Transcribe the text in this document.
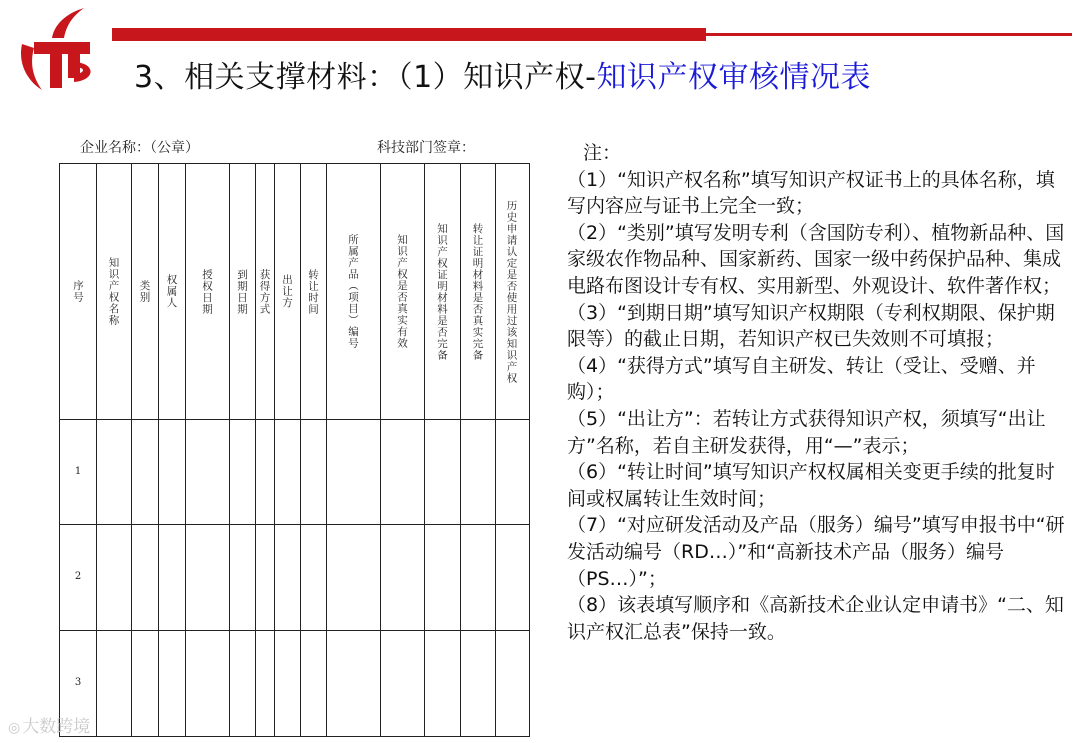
3、相关支撑材料：（1）知识产权-知识产权审核情况表
企业名称：（公章）	科技部门签章：
序号 知识产权名称 类别 权属人 授权日期 到期日期 获得方式 出让方 转让时间	所属产品（项目）编号	知识产权是否真实有效	知识产权证明材料是否完备 转让证明材料是否真实完备 历史申请认定是否使用过该知识产权
1
2
3

注：

（1）“知识产权名称”填写知识产权证书上的具体名称，填写内容应与证书上完全一致；

（2）“类别”填写发明专利（含国防专利）、植物新品种、国家级农作物品种、国家新药、国家一级中药保护品种、集成电路布图设计专有权、实用新型、外观设计、软件著作权；

（3）“到期日期”填写知识产权期限（专利权期限、保护期限等）的截止日期，若知识产权已失效则不可填报；

（4）“获得方式”填写自主研发、转让（受让、受赠、并购）；

（5）“出让方”：若转让方式获得知识产权，须填写“出让方”名称，若自主研发获得，用“—”表示；

（6）“转让时间”填写知识产权权属相关变更手续的批复时间或权属转让生效时间；

（7）“对应研发活动及产品（服务）编号”填写申报书中“研发活动编号（RD…）”和“高新技术产品（服务）编号（PS…）”；

（8）该表填写顺序和《高新技术企业认定申请书》“二、知识产权汇总表”保持一致。

◎ 大数跨境
